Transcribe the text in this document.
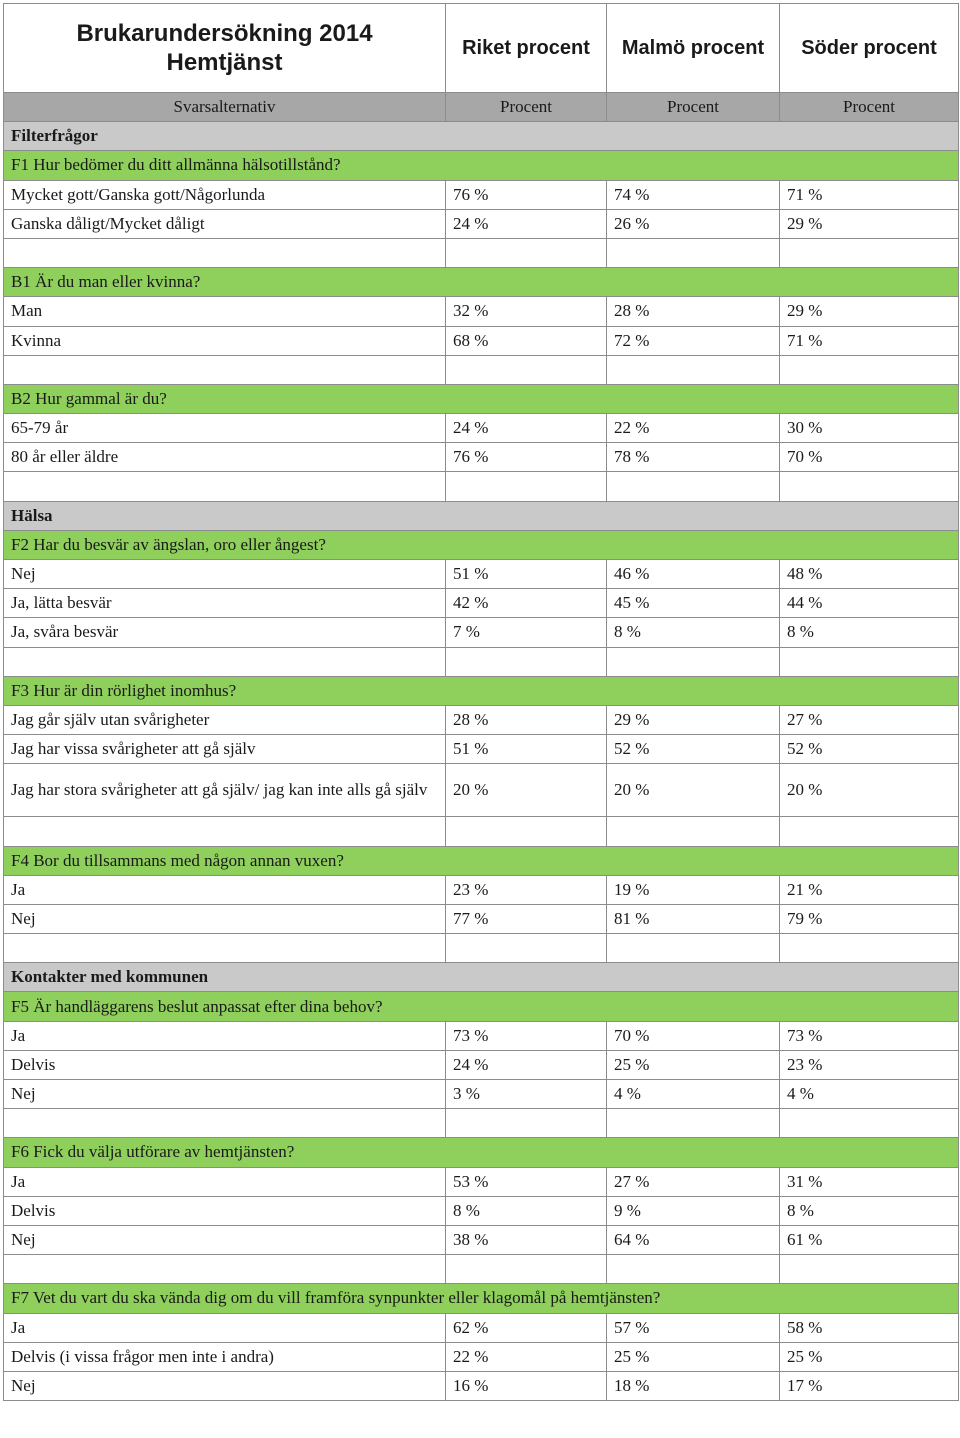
Brukarundersökning 2014
Hemtjänst	Riket procent	Malmö procent	Söder procent
Svarsalternativ	Procent	Procent	Procent
Filterfrågor			
F1 Hur bedömer du ditt allmänna hälsotillstånd?			
Mycket gott/Ganska gott/Någorlunda	76 %	74 %	71 %
Ganska dåligt/Mycket dåligt	24 %	26 %	29 %

B1 Är du man eller kvinna?			
Man	32 %	28 %	29 %
Kvinna	68 %	72 %	71 %

B2 Hur gammal är du?			
65-79 år	24 %	22 %	30 %
80 år eller äldre	76 %	78 %	70 %

Hälsa			
F2 Har du besvär av ängslan, oro eller ångest?			
Nej	51 %	46 %	48 %
Ja, lätta besvär	42 %	45 %	44 %
Ja, svåra besvär	7 %	8 %	8 %

F3 Hur är din rörlighet inomhus?			
Jag går själv utan svårigheter	28 %	29 %	27 %
Jag har vissa svårigheter att gå själv	51 %	52 %	52 %
Jag har stora svårigheter att gå själv/ jag kan inte alls gå själv	20 %	20 %	20 %

F4 Bor du tillsammans med någon annan vuxen?			
Ja	23 %	19 %	21 %
Nej	77 %	81 %	79 %

Kontakter med kommunen			
F5 Är handläggarens beslut anpassat efter dina behov?			
Ja	73 %	70 %	73 %
Delvis	24 %	25 %	23 %
Nej	3 %	4 %	4 %

F6 Fick du välja utförare av hemtjänsten?			
Ja	53 %	27 %	31 %
Delvis	8 %	9 %	8 %
Nej	38 %	64 %	61 %

F7 Vet du vart du ska vända dig om du vill framföra synpunkter eller klagomål på hemtjänsten?			
Ja	62 %	57 %	58 %
Delvis (i vissa frågor men inte i andra)	22 %	25 %	25 %
Nej	16 %	18 %	17 %
